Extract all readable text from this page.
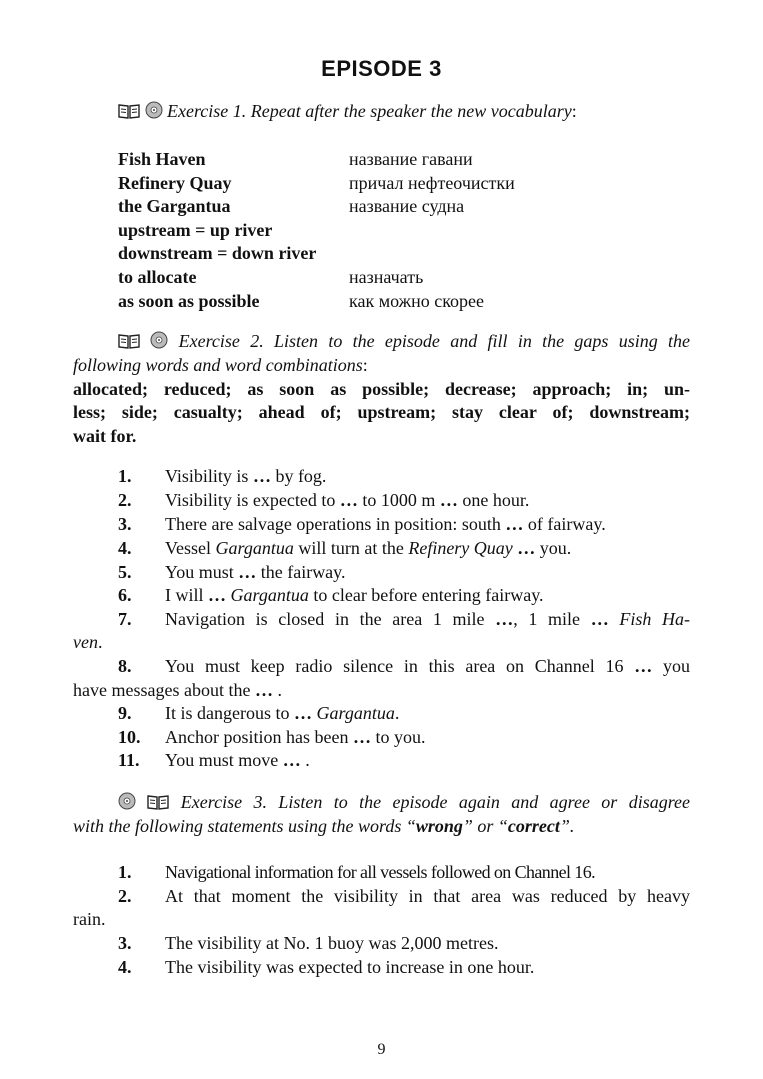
EPISODE 3
Exercise 1. Repeat after the speaker the new vocabulary:
Fish Haven	название гавани
Refinery Quay	причал нефтеочистки
the Gargantua	название судна
upstream = up river
downstream = down river
to allocate	назначать
as soon as possible	как можно скорее
Exercise 2. Listen to the episode and fill in the gaps using the
following words and word combinations:
allocated; reduced; as soon as possible; decrease; approach; in; un-
less; side; casualty; ahead of; upstream; stay clear of; downstream;
wait for.
1. Visibility is … by fog.
2. Visibility is expected to … to 1000 m … one hour.
3. There are salvage operations in position: south … of fairway.
4. Vessel Gargantua will turn at the Refinery Quay … you.
5. You must … the fairway.
6. I will … Gargantua to clear before entering fairway.
7. Navigation is closed in the area 1 mile …, 1 mile … Fish Ha-
ven.
8. You must keep radio silence in this area on Channel 16 … you
have messages about the … .
9. It is dangerous to … Gargantua.
10. Anchor position has been … to you.
11. You must move … .
Exercise 3. Listen to the episode again and agree or disagree
with the following statements using the words “wrong” or “correct”.
1. Navigational information for all vessels followed on Channel 16.
2. At that moment the visibility in that area was reduced by heavy
rain.
3. The visibility at No. 1 buoy was 2,000 metres.
4. The visibility was expected to increase in one hour.
9
